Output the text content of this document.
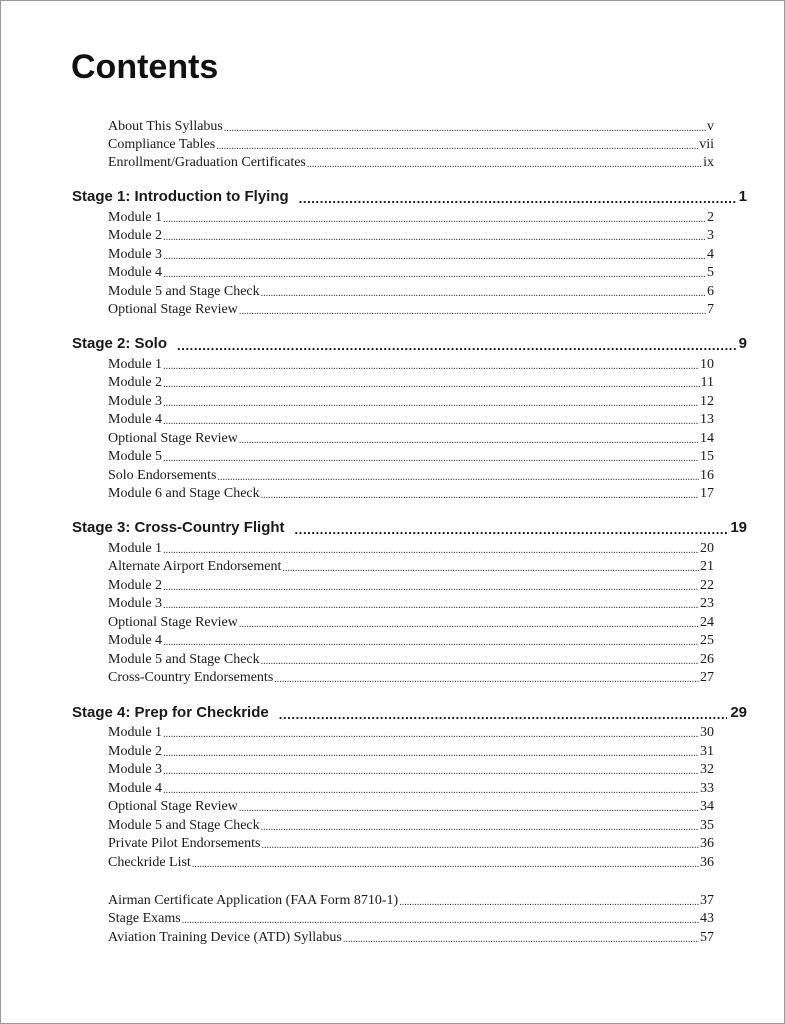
Contents
About This Syllabus .....	v
Compliance Tables .....	vii
Enrollment/Graduation Certificates .....	ix
Stage 1: Introduction to Flying .....	1
Module 1 .....	2
Module 2 .....	3
Module 3 .....	4
Module 4 .....	5
Module 5 and Stage Check .....	6
Optional Stage Review .....	7
Stage 2: Solo .....	9
Module 1 .....	10
Module 2 .....	11
Module 3 .....	12
Module 4 .....	13
Optional Stage Review .....	14
Module 5 .....	15
Solo Endorsements .....	16
Module 6 and Stage Check .....	17
Stage 3: Cross-Country Flight .....	19
Module 1 .....	20
Alternate Airport Endorsement .....	21
Module 2 .....	22
Module 3 .....	23
Optional Stage Review .....	24
Module 4 .....	25
Module 5 and Stage Check .....	26
Cross-Country Endorsements .....	27
Stage 4: Prep for Checkride .....	29
Module 1 .....	30
Module 2 .....	31
Module 3 .....	32
Module 4 .....	33
Optional Stage Review .....	34
Module 5 and Stage Check .....	35
Private Pilot Endorsements .....	36
Checkride List .....	36
Airman Certificate Application (FAA Form 8710-1) .....	37
Stage Exams .....	43
Aviation Training Device (ATD) Syllabus .....	57
